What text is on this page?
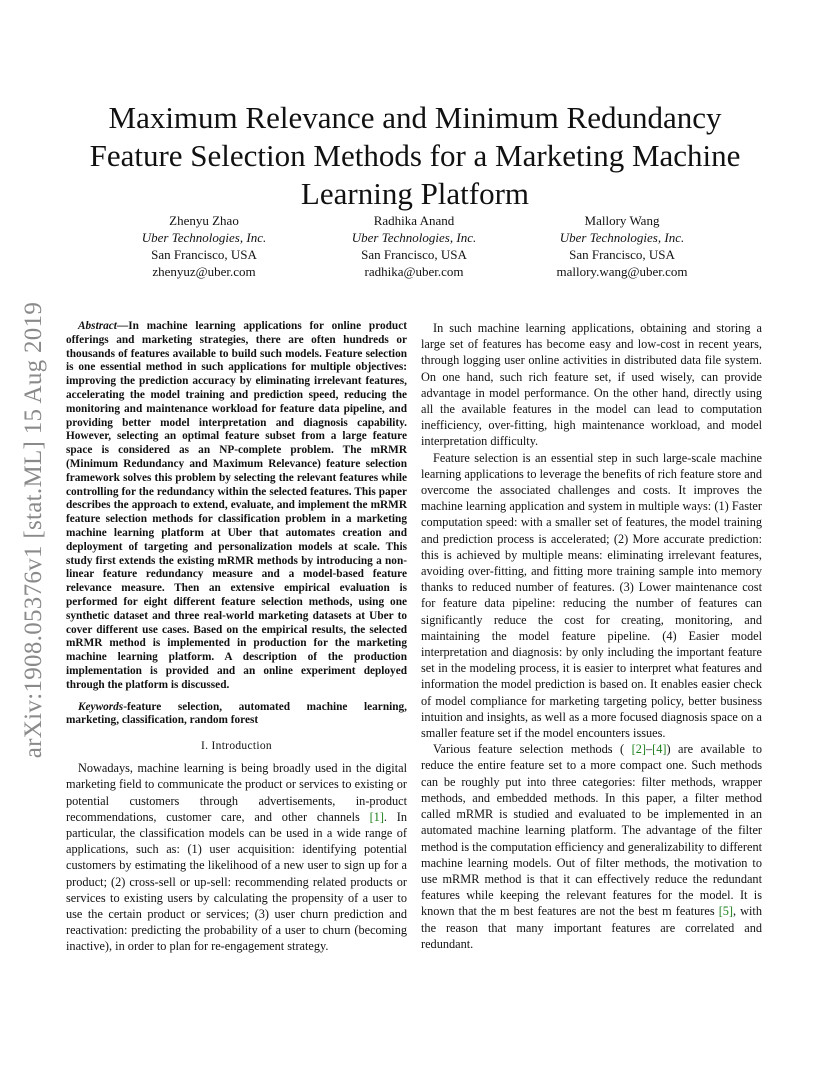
arXiv:1908.05376v1 [stat.ML] 15 Aug 2019
Maximum Relevance and Minimum Redundancy Feature Selection Methods for a Marketing Machine Learning Platform
Zhenyu Zhao
Uber Technologies, Inc.
San Francisco, USA
zhenyuz@uber.com
Radhika Anand
Uber Technologies, Inc.
San Francisco, USA
radhika@uber.com
Mallory Wang
Uber Technologies, Inc.
San Francisco, USA
mallory.wang@uber.com

Abstract—In machine learning applications for online product offerings and marketing strategies, there are often hundreds or thousands of features available to build such models. Feature selection is one essential method in such applications for multiple objectives: improving the prediction accuracy by eliminating irrelevant features, accelerating the model training and prediction speed, reducing the monitoring and maintenance workload for feature data pipeline, and providing better model interpretation and diagnosis capability. However, selecting an optimal feature subset from a large feature space is considered as an NP-complete problem. The mRMR (Minimum Redundancy and Maximum Relevance) feature selection framework solves this problem by selecting the relevant features while controlling for the redundancy within the selected features. This paper describes the approach to extend, evaluate, and implement the mRMR feature selection methods for classification problem in a marketing machine learning platform at Uber that automates creation and deployment of targeting and personalization models at scale. This study first extends the existing mRMR methods by introducing a non-linear feature redundancy measure and a model-based feature relevance measure. Then an extensive empirical evaluation is performed for eight different feature selection methods, using one synthetic dataset and three real-world marketing datasets at Uber to cover different use cases. Based on the empirical results, the selected mRMR method is implemented in production for the marketing machine learning platform. A description of the production implementation is provided and an online experiment deployed through the platform is discussed.

Keywords-feature selection, automated machine learning, marketing, classification, random forest

I. Introduction

Nowadays, machine learning is being broadly used in the digital marketing field to communicate the product or services to existing or potential customers through advertisements, in-product recommendations, customer care, and other channels [1]. In particular, the classification models can be used in a wide range of applications, such as: (1) user acquisition: identifying potential customers by estimating the likelihood of a new user to sign up for a product; (2) cross-sell or up-sell: recommending related products or services to existing users by calculating the propensity of a user to use the certain product or services; (3) user churn prediction and reactivation: predicting the probability of a user to churn (becoming inactive), in order to plan for re-engagement strategy.

In such machine learning applications, obtaining and storing a large set of features has become easy and low-cost in recent years, through logging user online activities in distributed data file system. On one hand, such rich feature set, if used wisely, can provide advantage in model performance. On the other hand, directly using all the available features in the model can lead to computation inefficiency, over-fitting, high maintenance workload, and model interpretation difficulty.

Feature selection is an essential step in such large-scale machine learning applications to leverage the benefits of rich feature store and overcome the associated challenges and costs. It improves the machine learning application and system in multiple ways: (1) Faster computation speed: with a smaller set of features, the model training and prediction process is accelerated; (2) More accurate prediction: this is achieved by multiple means: eliminating irrelevant features, avoiding over-fitting, and fitting more training sample into memory thanks to reduced number of features. (3) Lower maintenance cost for feature data pipeline: reducing the number of features can significantly reduce the cost for creating, monitoring, and maintaining the model feature pipeline. (4) Easier model interpretation and diagnosis: by only including the important feature set in the modeling process, it is easier to interpret what features and information the model prediction is based on. It enables easier check of model compliance for marketing targeting policy, better business intuition and insights, as well as a more focused diagnosis space on a smaller feature set if the model encounters issues.

Various feature selection methods ( [2]–[4]) are available to reduce the entire feature set to a more compact one. Such methods can be roughly put into three categories: filter methods, wrapper methods, and embedded methods. In this paper, a filter method called mRMR is studied and evaluated to be implemented in an automated machine learning platform. The advantage of the filter method is the computation efficiency and generalizability to different machine learning models. Out of filter methods, the motivation to use mRMR method is that it can effectively reduce the redundant features while keeping the relevant features for the model. It is known that the m best features are not the best m features [5], with the reason that many important features are correlated and redundant.
